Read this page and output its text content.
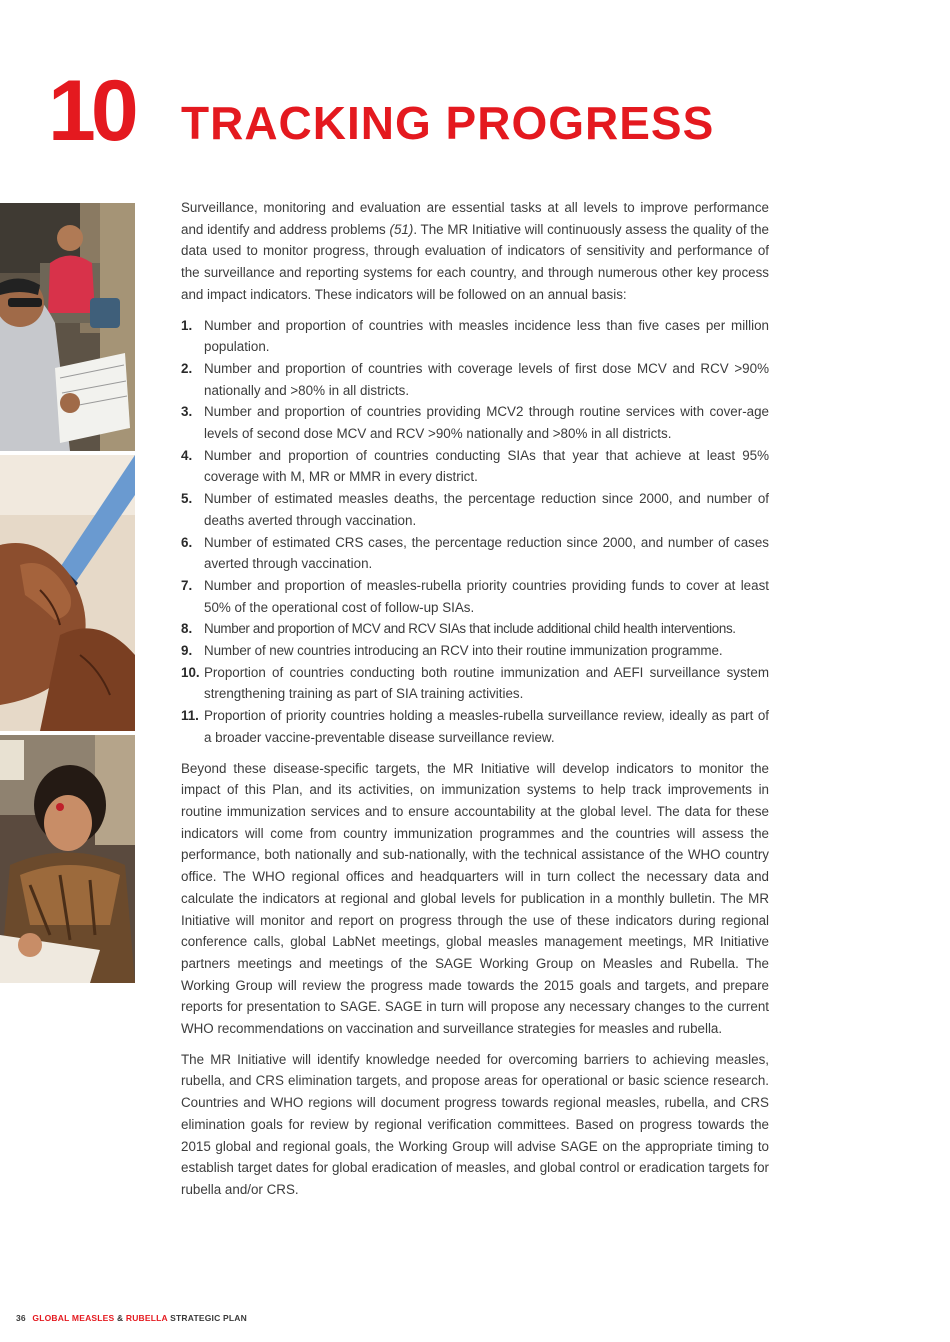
10 TRACKING PROGRESS

Surveillance, monitoring and evaluation are essential tasks at all levels to improve performance and identify and address problems (51). The MR Initiative will continuously assess the quality of the data used to monitor progress, through evaluation of indicators of sensitivity and performance of the surveillance and reporting systems for each country, and through numerous other key process and impact indicators. These indicators will be followed on an annual basis:

1. Number and proportion of countries with measles incidence less than five cases per million population.
2. Number and proportion of countries with coverage levels of first dose MCV and RCV >90% nationally and >80% in all districts.
3. Number and proportion of countries providing MCV2 through routine services with cover-age levels of second dose MCV and RCV >90% nationally and >80% in all districts.
4. Number and proportion of countries conducting SIAs that year that achieve at least 95% coverage with M, MR or MMR in every district.
5. Number of estimated measles deaths, the percentage reduction since 2000, and number of deaths averted through vaccination.
6. Number of estimated CRS cases, the percentage reduction since 2000, and number of cases averted through vaccination.
7. Number and proportion of measles-rubella priority countries providing funds to cover at least 50% of the operational cost of follow-up SIAs.
8. Number and proportion of MCV and RCV SIAs that include additional child health interventions.
9. Number of new countries introducing an RCV into their routine immunization programme.
10. Proportion of countries conducting both routine immunization and AEFI surveillance system strengthening training as part of SIA training activities.
11. Proportion of priority countries holding a measles-rubella surveillance review, ideally as part of a broader vaccine-preventable disease surveillance review.

Beyond these disease-specific targets, the MR Initiative will develop indicators to monitor the impact of this Plan, and its activities, on immunization systems to help track improvements in routine immunization services and to ensure accountability at the global level. The data for these indicators will come from country immunization programmes and the countries will assess the performance, both nationally and sub-nationally, with the technical assistance of the WHO country office. The WHO regional offices and headquarters will in turn collect the necessary data and calculate the indicators at regional and global levels for publication in a monthly bulletin. The MR Initiative will monitor and report on progress through the use of these indicators during regional conference calls, global LabNet meetings, global measles management meetings, MR Initiative partners meetings and meetings of the SAGE Working Group on Measles and Rubella. The Working Group will review the progress made towards the 2015 goals and targets, and prepare reports for presentation to SAGE. SAGE in turn will propose any necessary changes to the current WHO recommendations on vaccination and surveillance strategies for measles and rubella.

The MR Initiative will identify knowledge needed for overcoming barriers to achieving measles, rubella, and CRS elimination targets, and propose areas for operational or basic science research. Countries and WHO regions will document progress towards regional measles, rubella, and CRS elimination goals for review by regional verification committees. Based on progress towards the 2015 global and regional goals, the Working Group will advise SAGE on the appropriate timing to establish target dates for global eradication of measles, and global control or eradication targets for rubella and/or CRS.

36 GLOBAL MEASLES & RUBELLA STRATEGIC PLAN
